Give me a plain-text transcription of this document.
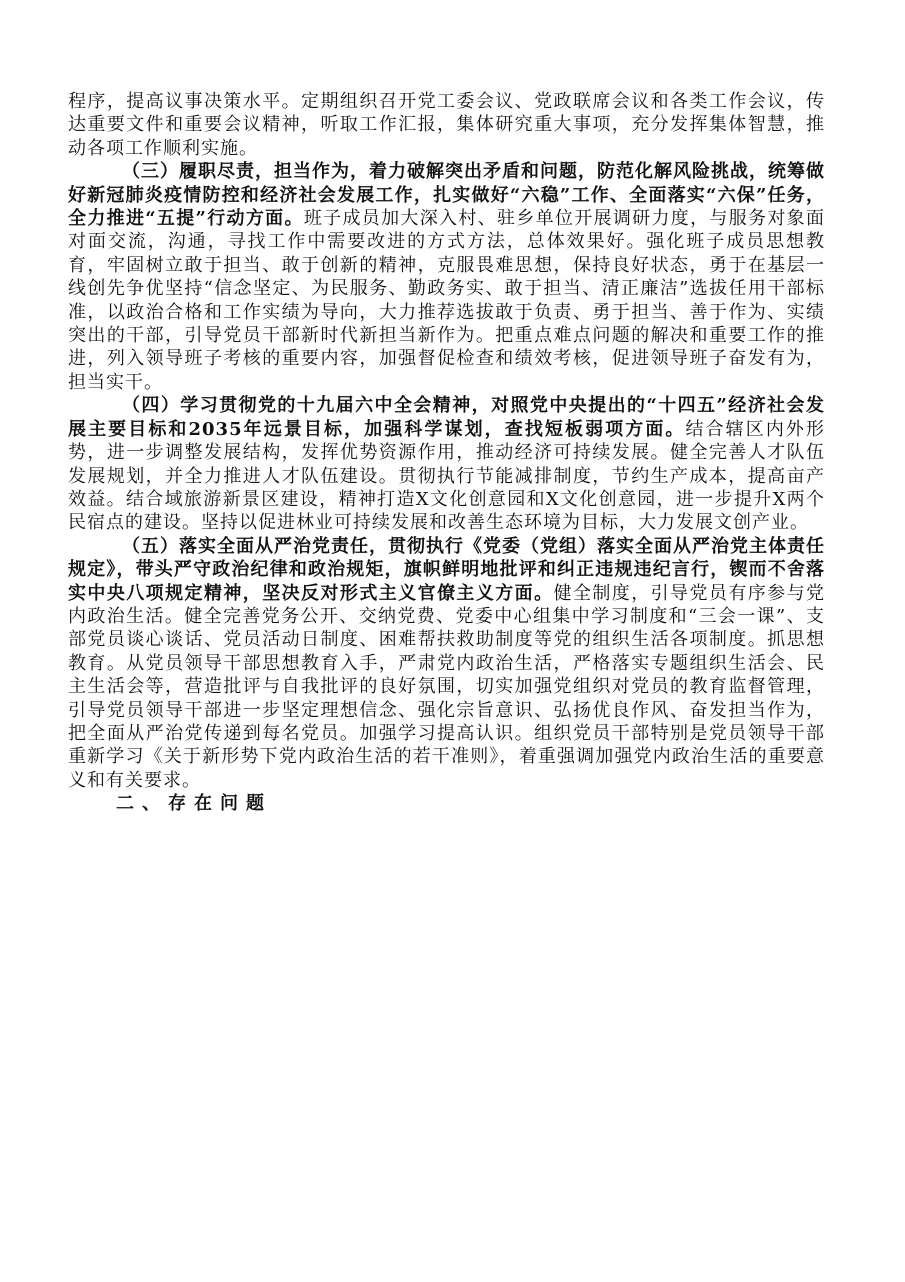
程序，提高议事决策水平。定期组织召开党工委会议、党政联席会议和各类工作会议，传达重要文件和重要会议精神，听取工作汇报，集体研究重大事项，充分发挥集体智慧，推动各项工作顺利实施。

（三）履职尽责，担当作为，着力破解突出矛盾和问题，防范化解风险挑战，统筹做好新冠肺炎疫情防控和经济社会发展工作，扎实做好“六稳”工作、全面落实“六保”任务，全力推进“五提”行动方面。班子成员加大深入村、驻乡单位开展调研力度，与服务对象面对面交流，沟通，寻找工作中需要改进的方式方法，总体效果好。强化班子成员思想教育，牢固树立敢于担当、敢于创新的精神，克服畏难思想，保持良好状态，勇于在基层一线创先争优坚持“信念坚定、为民服务、勤政务实、敢于担当、清正廉洁”选拔任用干部标准，以政治合格和工作实绩为导向，大力推荐选拔敢于负责、勇于担当、善于作为、实绩突出的干部，引导党员干部新时代新担当新作为。把重点难点问题的解决和重要工作的推进，列入领导班子考核的重要内容，加强督促检查和绩效考核，促进领导班子奋发有为，担当实干。

（四）学习贯彻党的十九届六中全会精神，对照党中央提出的“十四五”经济社会发展主要目标和2035年远景目标，加强科学谋划，查找短板弱项方面。结合辖区内外形势，进一步调整发展结构，发挥优势资源作用，推动经济可持续发展。健全完善人才队伍发展规划，并全力推进人才队伍建设。贯彻执行节能减排制度，节约生产成本，提高亩产效益。结合域旅游新景区建设，精神打造X文化创意园和X文化创意园，进一步提升X两个民宿点的建设。坚持以促进林业可持续发展和改善生态环境为目标，大力发展文创产业。

（五）落实全面从严治党责任，贯彻执行《党委（党组）落实全面从严治党主体责任规定》，带头严守政治纪律和政治规矩，旗帜鲜明地批评和纠正违规违纪言行，锲而不舍落实中央八项规定精神，坚决反对形式主义官僚主义方面。健全制度，引导党员有序参与党内政治生活。健全完善党务公开、交纳党费、党委中心组集中学习制度和“三会一课”、支部党员谈心谈话、党员活动日制度、困难帮扶救助制度等党的组织生活各项制度。抓思想教育。从党员领导干部思想教育入手，严肃党内政治生活，严格落实专题组织生活会、民主生活会等，营造批评与自我批评的良好氛围，切实加强党组织对党员的教育监督管理，引导党员领导干部进一步坚定理想信念、强化宗旨意识、弘扬优良作风、奋发担当作为，把全面从严治党传递到每名党员。加强学习提高认识。组织党员干部特别是党员领导干部重新学习《关于新形势下党内政治生活的若干准则》，着重强调加强党内政治生活的重要意义和有关要求。

二、存在问题
